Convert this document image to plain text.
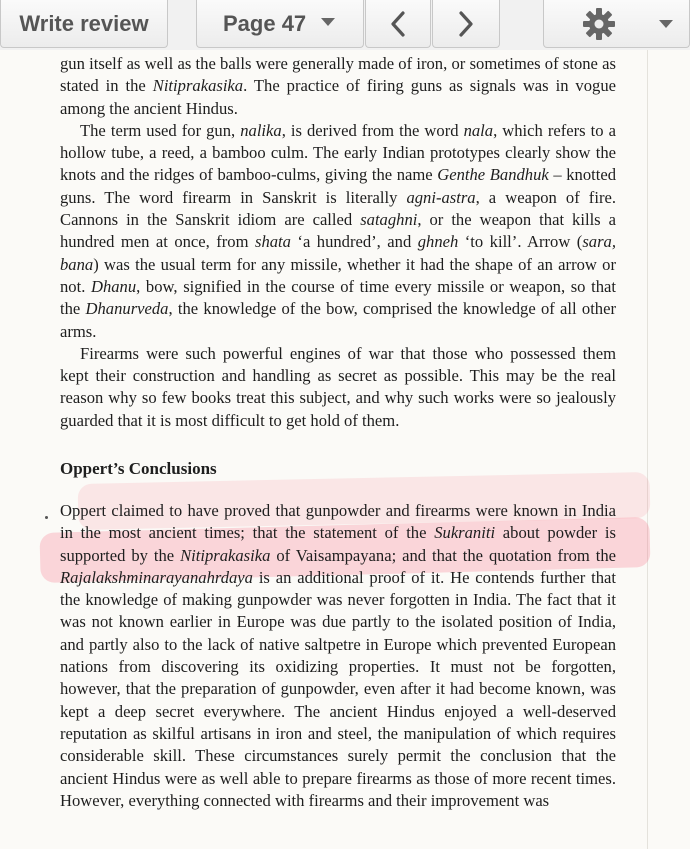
Write review	Page 47

gun itself as well as the balls were generally made of iron, or sometimes of stone as stated in the Nitiprakasika. The practice of firing guns as signals was in vogue among the ancient Hindus.

The term used for gun, nalika, is derived from the word nala, which refers to a hollow tube, a reed, a bamboo culm. The early Indian prototypes clearly show the knots and the ridges of bamboo-culms, giving the name Genthe Bandhuk – knotted guns. The word firearm in Sanskrit is literally agni-astra, a weapon of fire. Cannons in the Sanskrit idiom are called sataghni, or the weapon that kills a hundred men at once, from shata ‘a hundred’, and ghneh ‘to kill’. Arrow (sara, bana) was the usual term for any missile, whether it had the shape of an arrow or not. Dhanu, bow, signified in the course of time every missile or weapon, so that the Dhanurveda, the knowledge of the bow, comprised the knowledge of all other arms.

Firearms were such powerful engines of war that those who possessed them kept their construction and handling as secret as possible. This may be the real reason why so few books treat this subject, and why such works were so jealously guarded that it is most difficult to get hold of them.

Oppert’s Conclusions

Oppert claimed to have proved that gunpowder and firearms were known in India in the most ancient times; that the statement of the Sukraniti about powder is supported by the Nitiprakasika of Vaisampayana; and that the quotation from the Rajalakshminarayanahrdaya is an additional proof of it. He contends further that the knowledge of making gunpowder was never forgotten in India. The fact that it was not known earlier in Europe was due partly to the isolated position of India, and partly also to the lack of native saltpetre in Europe which prevented European nations from discovering its oxidizing properties. It must not be forgotten, however, that the preparation of gunpowder, even after it had become known, was kept a deep secret everywhere. The ancient Hindus enjoyed a well-deserved reputation as skilful artisans in iron and steel, the manipulation of which requires considerable skill. These circumstances surely permit the conclusion that the ancient Hindus were as well able to prepare firearms as those of more recent times. However, everything connected with firearms and their improvement was
